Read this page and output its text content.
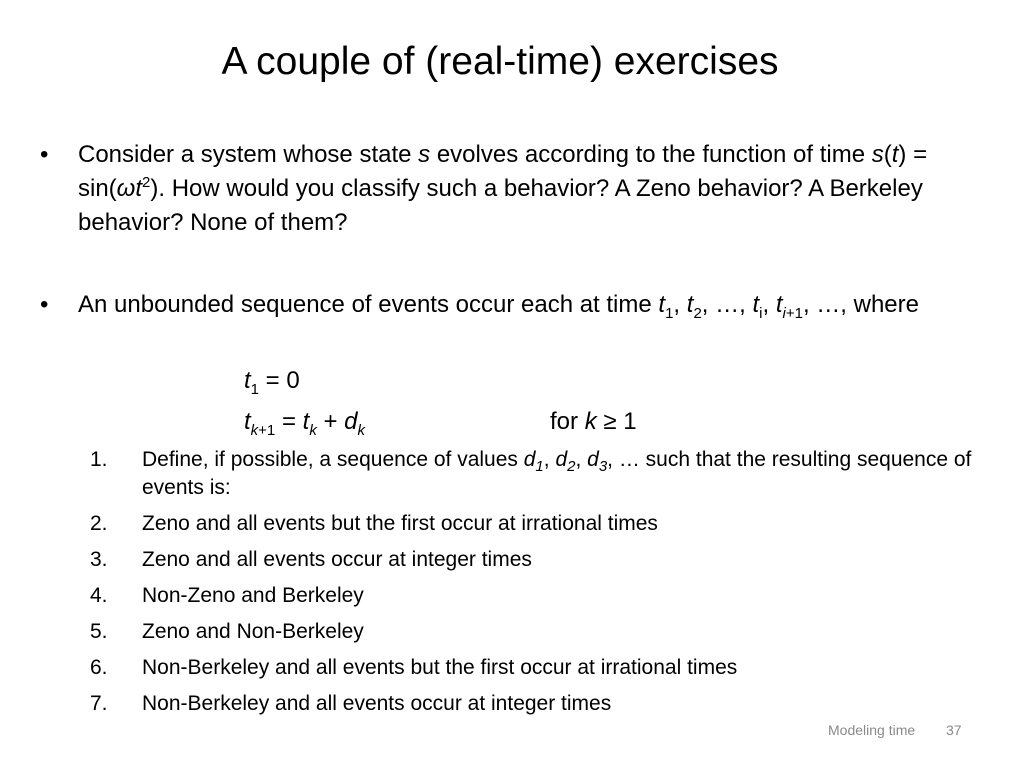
A couple of (real-time) exercises
•	Consider a system whose state s evolves according to the function of time $s(t) = \sin(\omega t^2)$. How would you classify such a behavior? A Zeno behavior? A Berkeley behavior? None of them?
•	An unbounded sequence of events occur each at time $t_1$, $t_2$, …, $t_i$, $t_{i+1}$, …, where
$t_1 = 0$
$t_{k+1} = t_k + d_k$	for k ≥ 1
1. Define, if possible, a sequence of values $d_1$, $d_2$, $d_3$, … such that the resulting sequence of events is:
2. Zeno and all events but the first occur at irrational times
3. Zeno and all events occur at integer times
4. Non-Zeno and Berkeley
5. Zeno and Non-Berkeley
6. Non-Berkeley and all events but the first occur at irrational times
7. Non-Berkeley and all events occur at integer times
Modeling time 37
